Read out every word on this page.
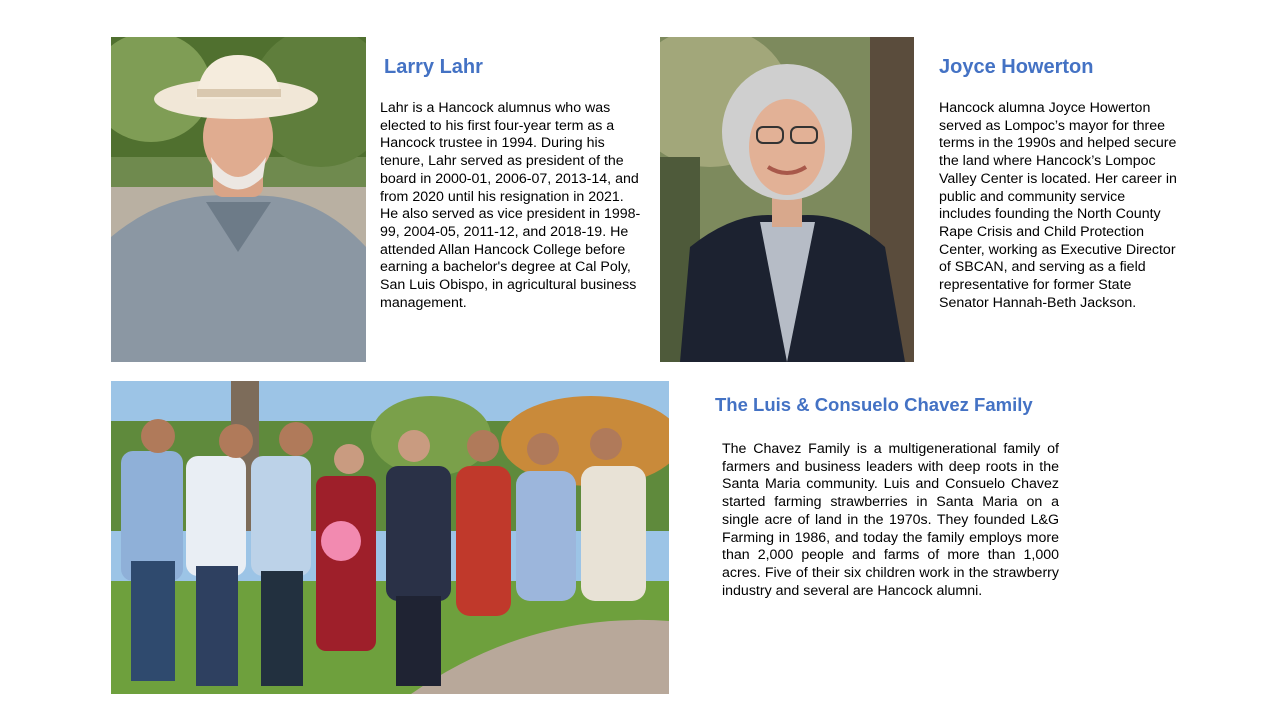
Larry Lahr

Lahr is a Hancock alumnus who was elected to his first four-year term as a Hancock trustee in 1994. During his tenure, Lahr served as president of the board in 2000-01, 2006-07, 2013-14, and from 2020 until his resignation in 2021. He also served as vice president in 1998-99, 2004-05, 2011-12, and 2018-19. He attended Allan Hancock College before earning a bachelor's degree at Cal Poly, San Luis Obispo, in agricultural business management.

Joyce Howerton

Hancock alumna Joyce Howerton served as Lompoc’s mayor for three terms in the 1990s and helped secure the land where Hancock’s Lompoc Valley Center is located. Her career in public and community service includes founding the North County Rape Crisis and Child Protection Center, working as Executive Director of SBCAN, and serving as a field representative for former State Senator Hannah-Beth Jackson.

The Luis & Consuelo Chavez Family

The Chavez Family is a multigenerational family of farmers and business leaders with deep roots in the Santa Maria community. Luis and Consuelo Chavez started farming strawberries in Santa Maria on a single acre of land in the 1970s. They founded L&G Farming in 1986, and today the family employs more than 2,000 people and farms of more than 1,000 acres. Five of their six children work in the strawberry industry and several are Hancock alumni.
